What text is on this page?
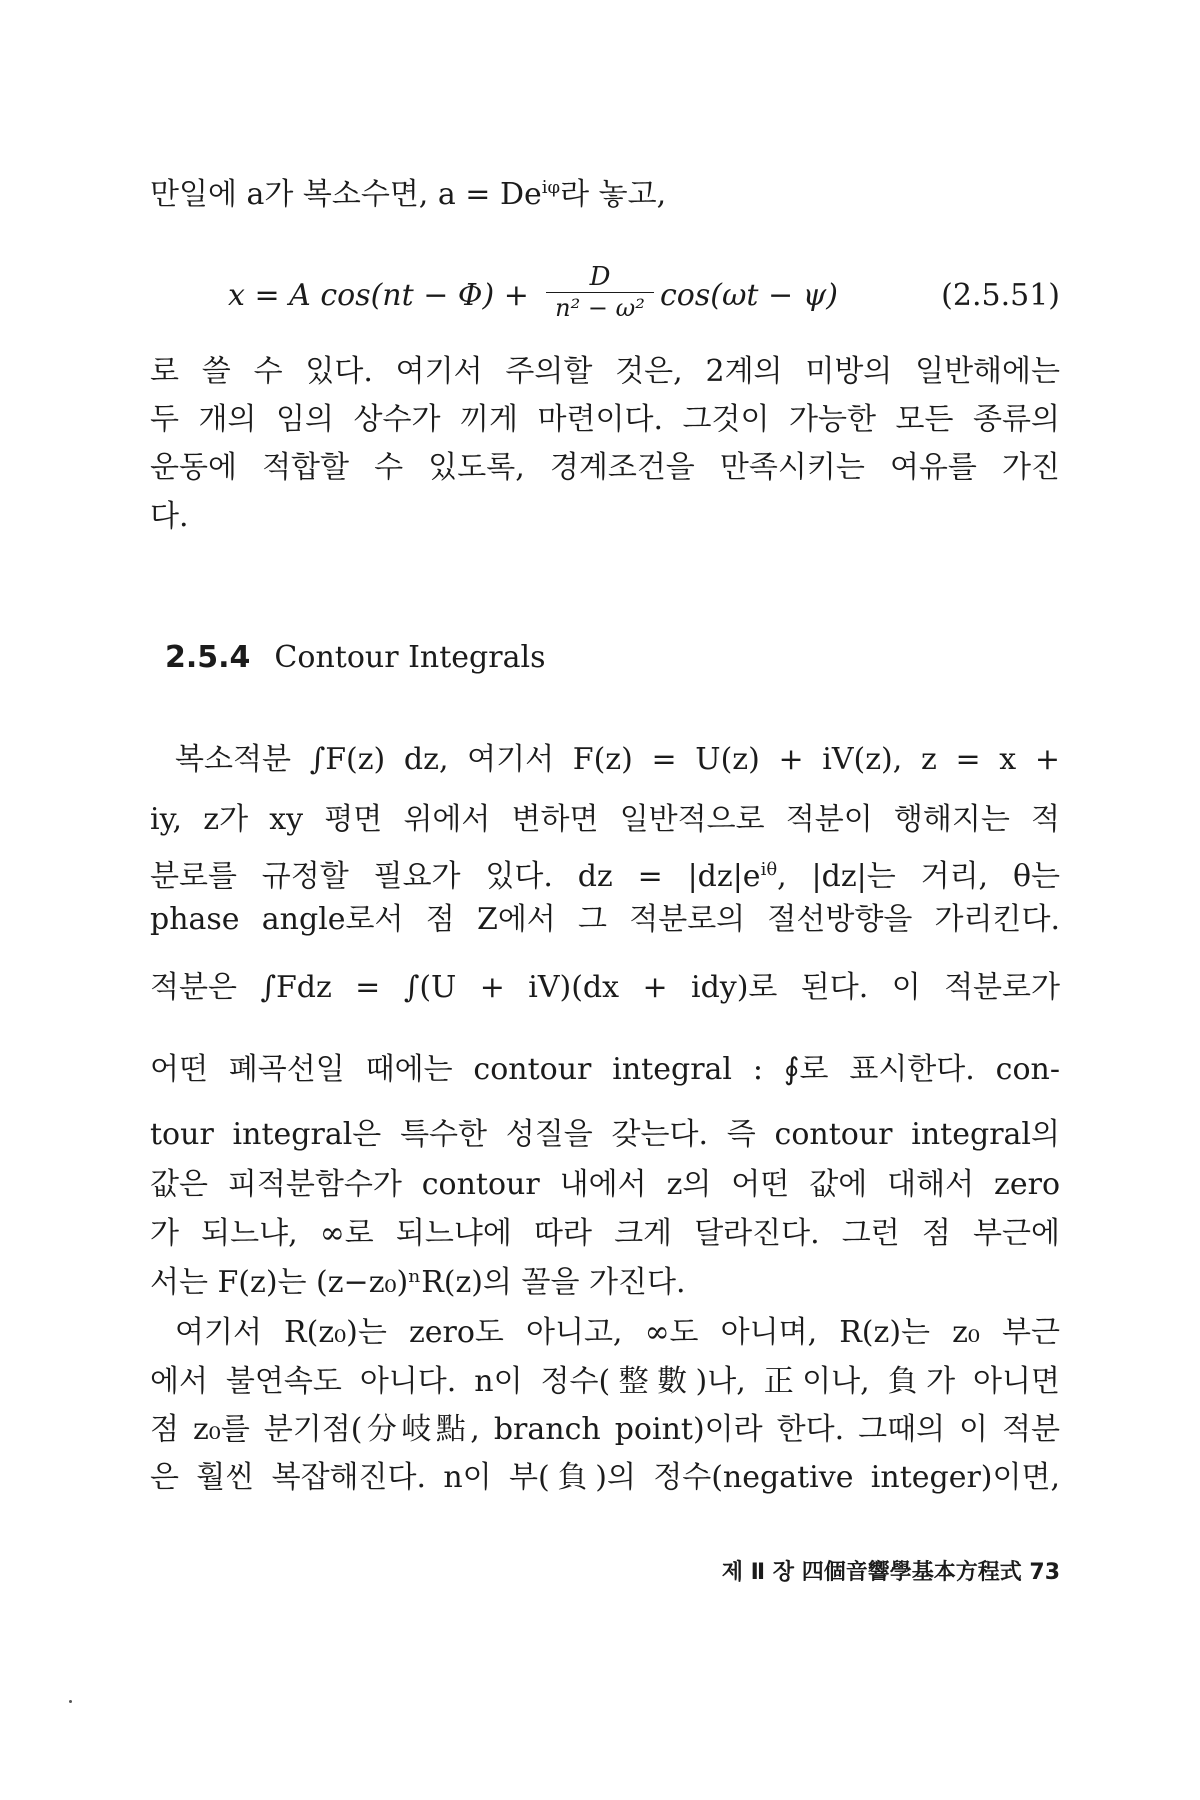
만일에 a가 복소수면, $a = De^{i\varphi}$라 놓고,
x = A cos(nt − Φ) +
D
n² − ω² cos(ωt − ψ)	(2.5.51)
로 쓸 수 있다. 여기서 주의할 것은, 2계의 미방의 일반해에는
두 개의 임의 상수가 끼게 마련이다. 그것이 가능한 모든 종류의
운동에 적합할 수 있도록, 경계조건을 만족시키는 여유를 가진
다.
2.5.4 Contour Integrals
복소적분 ∫F(z) dz, 여기서 F(z) = U(z) + iV(z), z = x +
iy, z가 xy 평면 위에서 변하면 일반적으로 적분이 행해지는 적
분로를 규정할 필요가 있다. dz = $|dz|e^{i\theta}$, |dz|는 거리, θ는
phase angle로서 점 Z에서 그 적분로의 절선방향을 가리킨다.
적분은 ∫Fdz = ∫(U + iV)(dx + idy)로 된다. 이 적분로가
어떤 폐곡선일 때에는 contour integral : ∮로 표시한다. con-
tour integral은 특수한 성질을 갖는다. 즉 contour integral의
값은 피적분함수가 contour 내에서 z의 어떤 값에 대해서 zero
가 되느냐, ∞로 되느냐에 따라 크게 달라진다. 그런 점 부근에
서는 F(z)는 (z−z₀)ⁿR(z)의 꼴을 가진다.
여기서 R(z₀)는 zero도 아니고, ∞도 아니며, R(z)는 z₀ 부근
에서 불연속도 아니다. n이 정수(整數)나, 正이나, 負가 아니면
점 z₀를 분기점(分岐點, branch point)이라 한다. 그때의 이 적분
은 훨씬 복잡해진다. n이 부(負)의 정수(negative integer)이면,
제 Ⅱ 장 四個音響學基本方程式 73
